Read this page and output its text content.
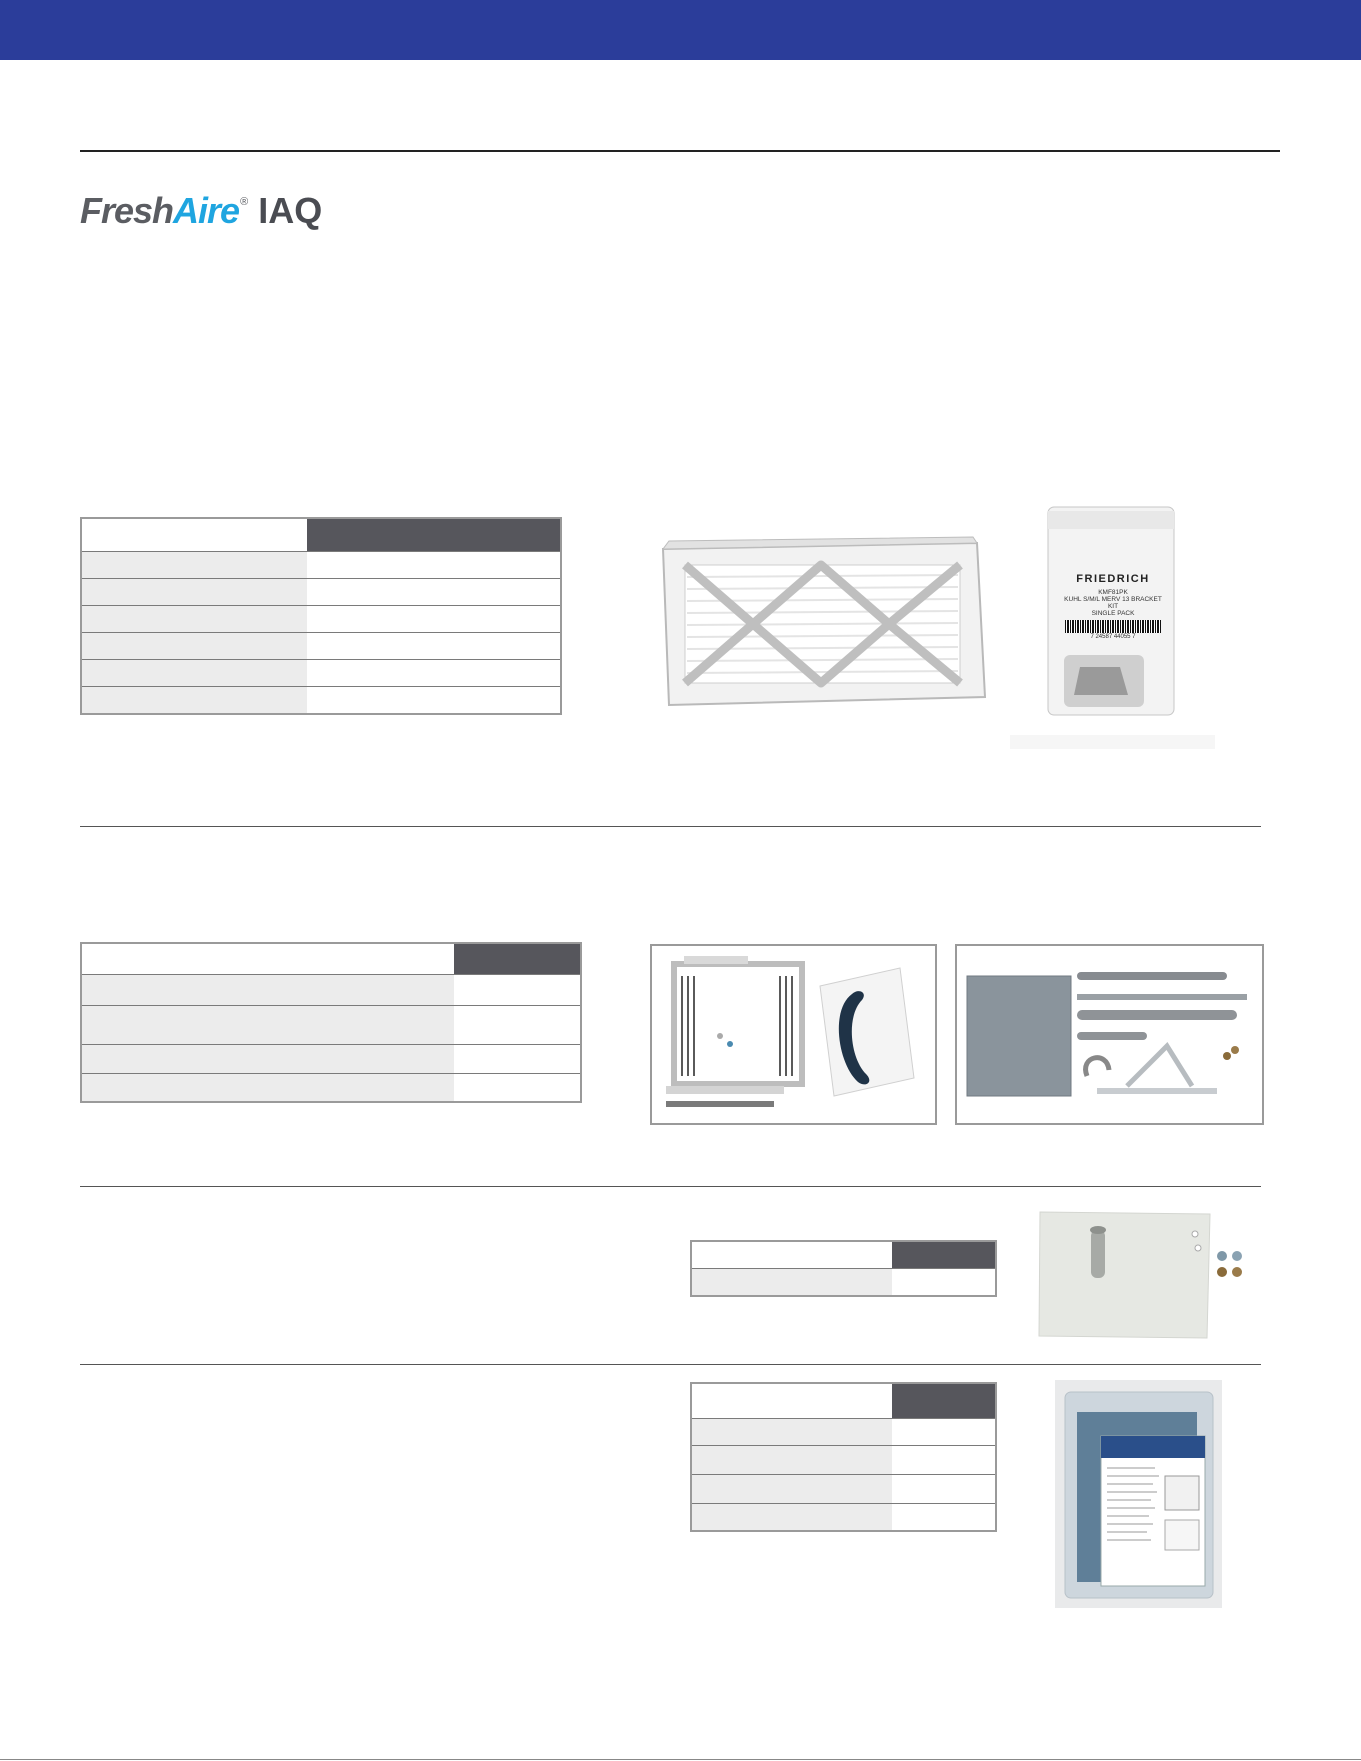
Fresh Aire ® IAQ
FRIEDRICH
KMF81PK
KUHL S/M/L MERV 13 BRACKET KIT
SINGLE PACK
7 24587 44055 7
